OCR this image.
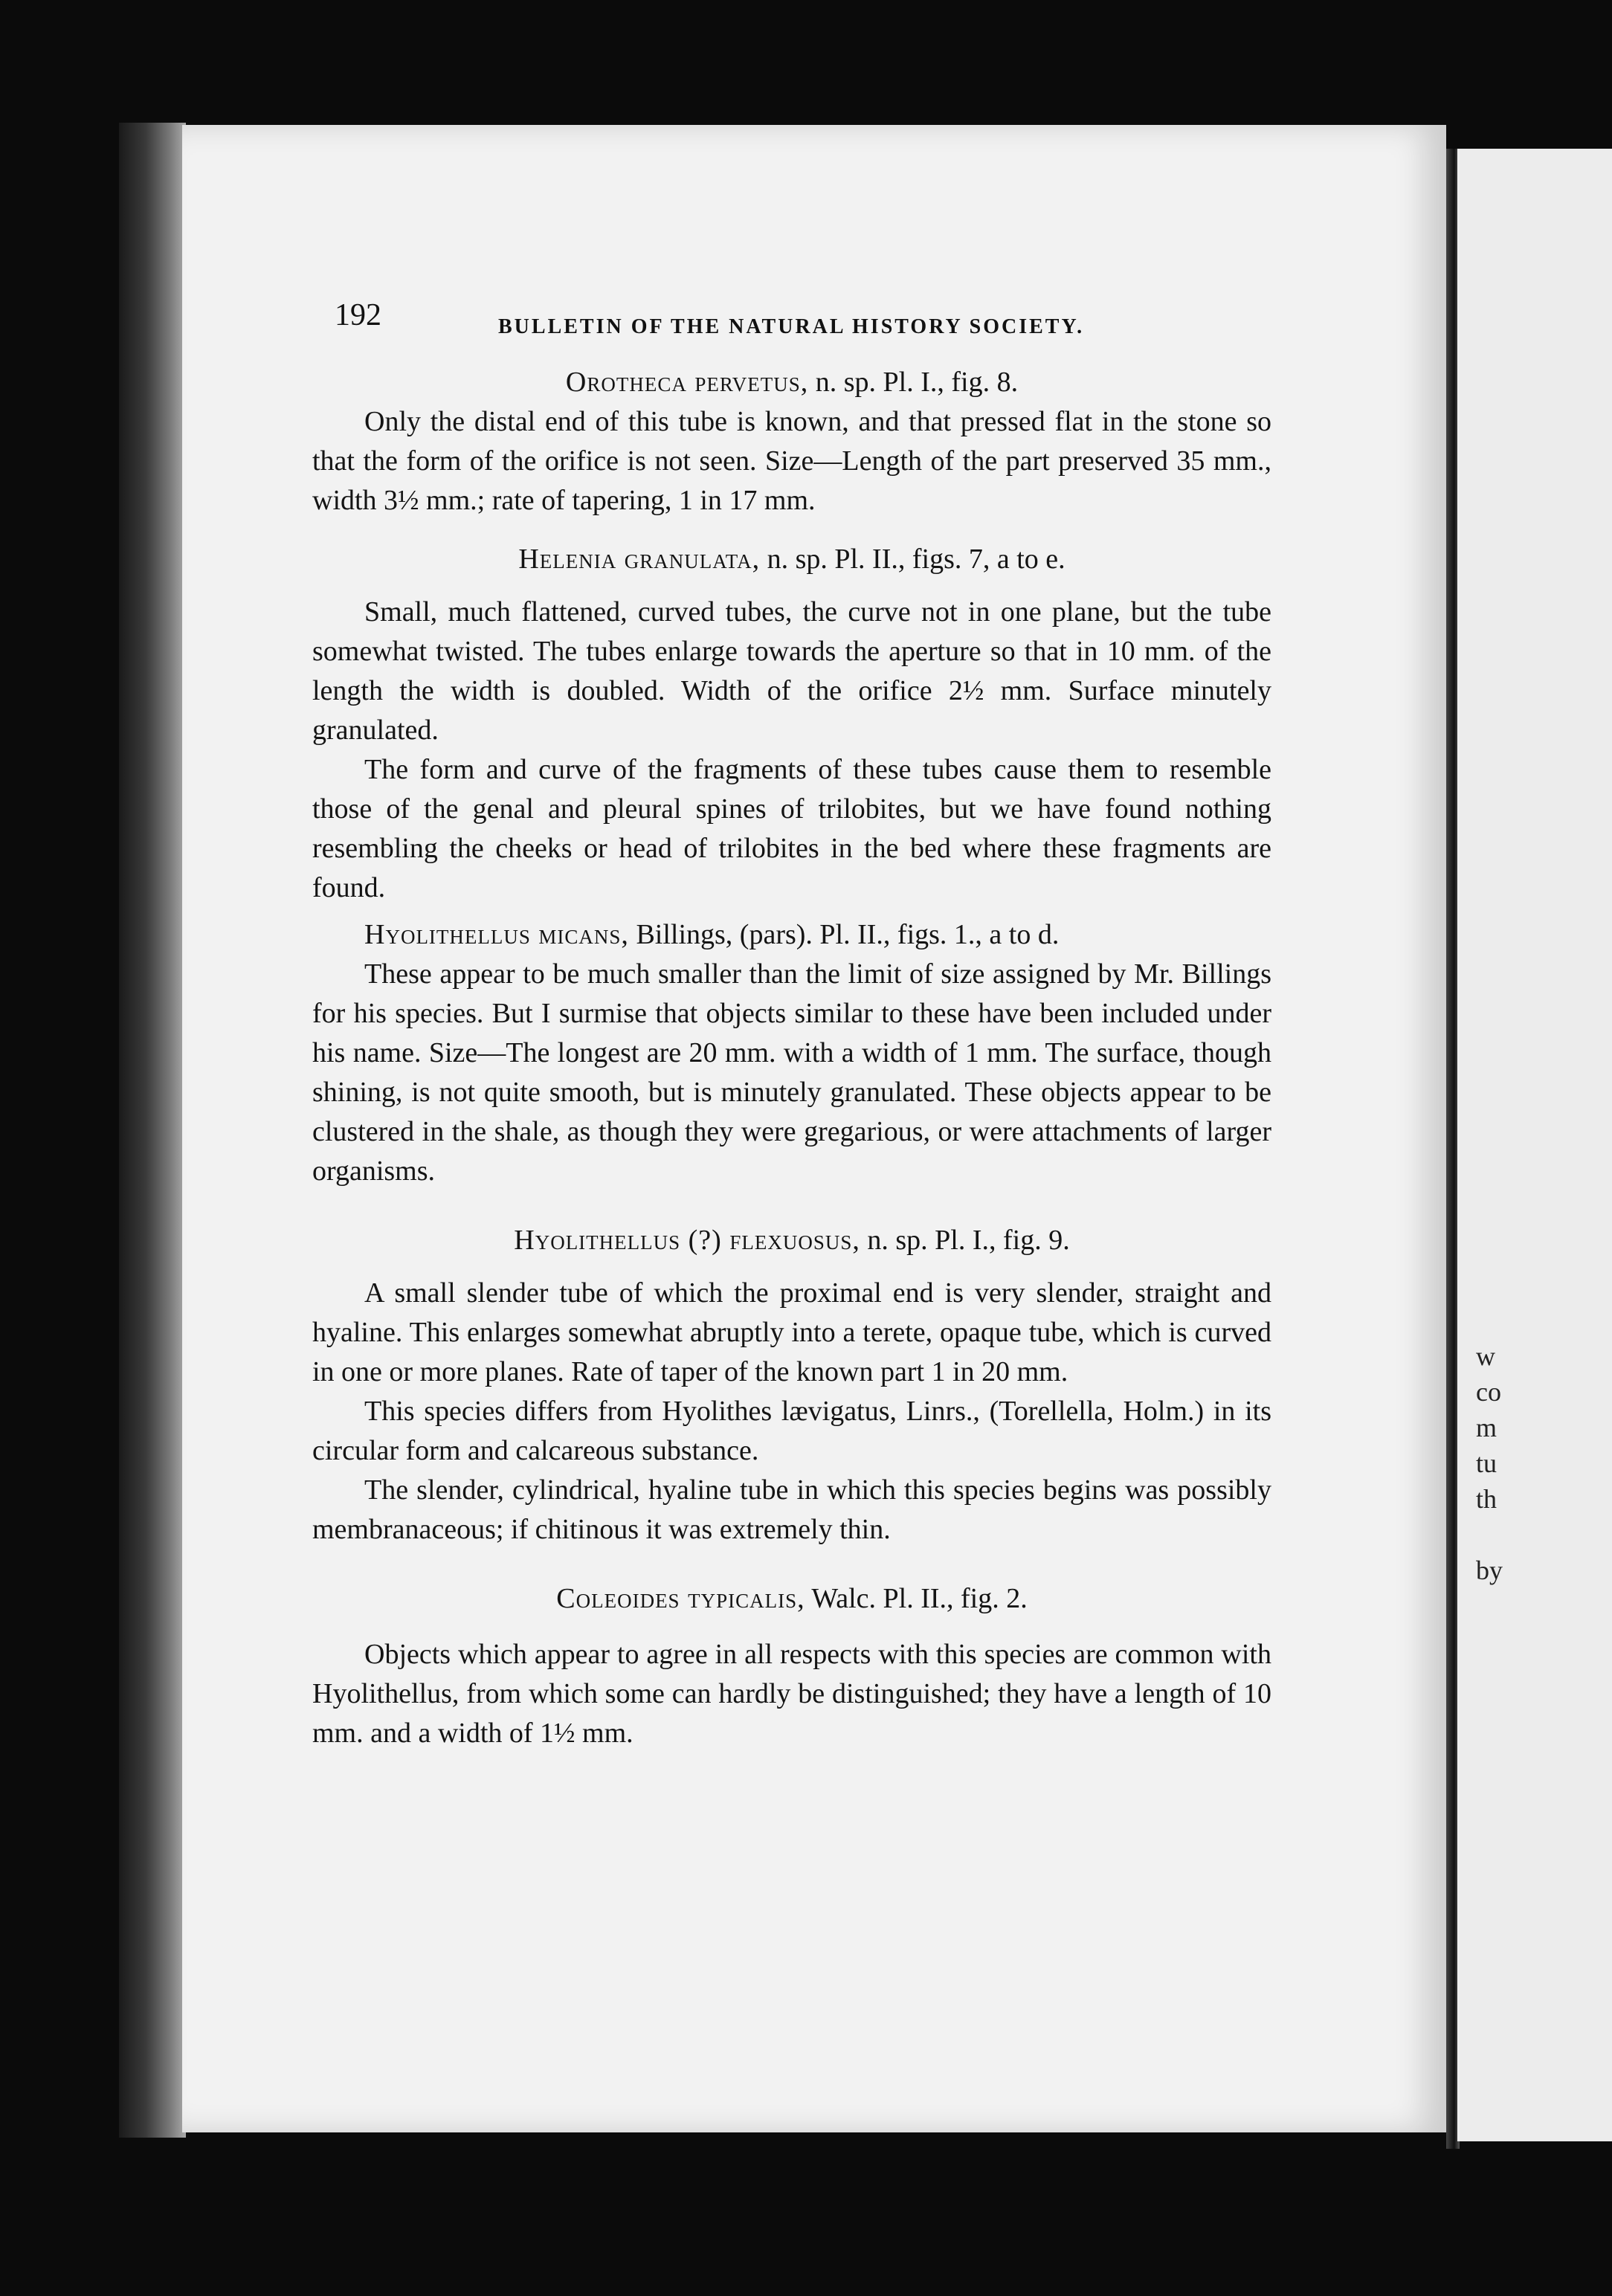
192	BULLETIN OF THE NATURAL HISTORY SOCIETY.

Orotheca pervetus, n. sp. Pl. I., fig. 8.

Only the distal end of this tube is known, and that pressed flat in the stone so that the form of the orifice is not seen. Size—Length of the part preserved 35 mm., width 3½ mm.; rate of tapering, 1 in 17 mm.

Helenia granulata, n. sp. Pl. II., figs. 7, a to e.

Small, much flattened, curved tubes, the curve not in one plane, but the tube somewhat twisted. The tubes enlarge towards the aperture so that in 10 mm. of the length the width is doubled. Width of the orifice 2½ mm. Surface minutely granulated.

The form and curve of the fragments of these tubes cause them to resemble those of the genal and pleural spines of trilobites, but we have found nothing resembling the cheeks or head of trilobites in the bed where these fragments are found.

Hyolithellus micans, Billings, (pars). Pl. II., figs. 1., a to d.

These appear to be much smaller than the limit of size assigned by Mr. Billings for his species. But I surmise that objects similar to these have been included under his name. Size—The longest are 20 mm. with a width of 1 mm. The surface, though shining, is not quite smooth, but is minutely granulated. These objects appear to be clustered in the shale, as though they were gregarious, or were attachments of larger organisms.

Hyolithellus (?) flexuosus, n. sp. Pl. I., fig. 9.

A small slender tube of which the proximal end is very slender, straight and hyaline. This enlarges somewhat abruptly into a terete, opaque tube, which is curved in one or more planes. Rate of taper of the known part 1 in 20 mm.

This species differs from Hyolithes lævigatus, Linrs., (Torellella, Holm.) in its circular form and calcareous substance.

The slender, cylindrical, hyaline tube in which this species begins was possibly membranaceous; if chitinous it was extremely thin.

Coleoides typicalis, Walc. Pl. II., fig. 2.

Objects which appear to agree in all respects with this species are common with Hyolithellus, from which some can hardly be distinguished; they have a length of 10 mm. and a width of 1½ mm.

w
co
m
tu
th
by
